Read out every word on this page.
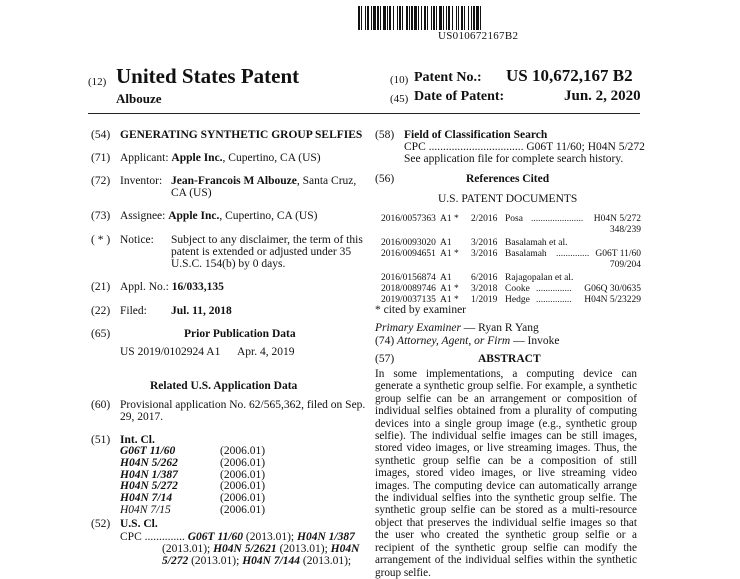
US010672167B2
(12) United States Patent
Albouze
(10) Patent No.: US 10,672,167 B2
(45) Date of Patent:	Jun. 2, 2020
(54) GENERATING SYNTHETIC GROUP SELFIES
(71) Applicant: Apple Inc., Cupertino, CA (US)
(72) Inventor: Jean-Francois M Albouze, Santa Cruz,
CA (US)
(73) Assignee: Apple Inc., Cupertino, CA (US)
( * ) Notice: Subject to any disclaimer, the term of this
patent is extended or adjusted under 35
U.S.C. 154(b) by 0 days.
(21) Appl. No.: 16/033,135
(22) Filed: Jul. 11, 2018
(65)	Prior Publication Data
US 2019/0102924 A1 Apr. 4, 2019
Related U.S. Application Data
(60) Provisional application No. 62/565,362, filed on Sep.
29, 2017.
(51) Int. Cl.
G06T 11/60	(2006.01)
H04N 5/262	(2006.01)
H04N 1/387	(2006.01)
H04N 5/272	(2006.01)
H04N 7/14	(2006.01)
H04N 7/15	(2006.01)
(52) U.S. Cl.
CPC .............. G06T 11/60 (2013.01); H04N 1/387
(2013.01); H04N 5/2621 (2013.01); H04N
5/272 (2013.01); H04N 7/144 (2013.01);
(58) Field of Classification Search
CPC ................................. G06T 11/60; H04N 5/272
See application file for complete search history.
(56)	References Cited
U.S. PATENT DOCUMENTS
2016/0057363 A1 * 2/2016 Posa ...................... H04N 5/272
348/239
2016/0093020 A1 3/2016 Basalamah et al.
2016/0094651 A1 * 3/2016 Basalamah .............. G06T 11/60
709/204
2016/0156874 A1 6/2016 Rajagopalan et al.
2018/0089746 A1 * 3/2018 Cooke ............... G06Q 30/0635
2019/0037135 A1 * 1/2019 Hedge ............... H04N 5/23229
* cited by examiner
Primary Examiner — Ryan R Yang
(74) Attorney, Agent, or Firm — Invoke
(57)	ABSTRACT
In some implementations, a computing device can generate a synthetic group selfie. For example, a synthetic group selfie can be an arrangement or composition of individual selfies obtained from a plurality of computing devices into a single group image (e.g., synthetic group selfie). The individual selfie images can be still images, stored video images, or live streaming images. Thus, the synthetic group selfie can be a composition of still images, stored video images, or live streaming video images. The computing device can automatically arrange the individual selfies into the synthetic group selfie. The synthetic group selfie can be stored as a multi-resource object that preserves the individual selfie images so that the user who created the synthetic group selfie or a recipient of the synthetic group selfie can modify the arrangement of the individual selfies within the synthetic group selfie.
